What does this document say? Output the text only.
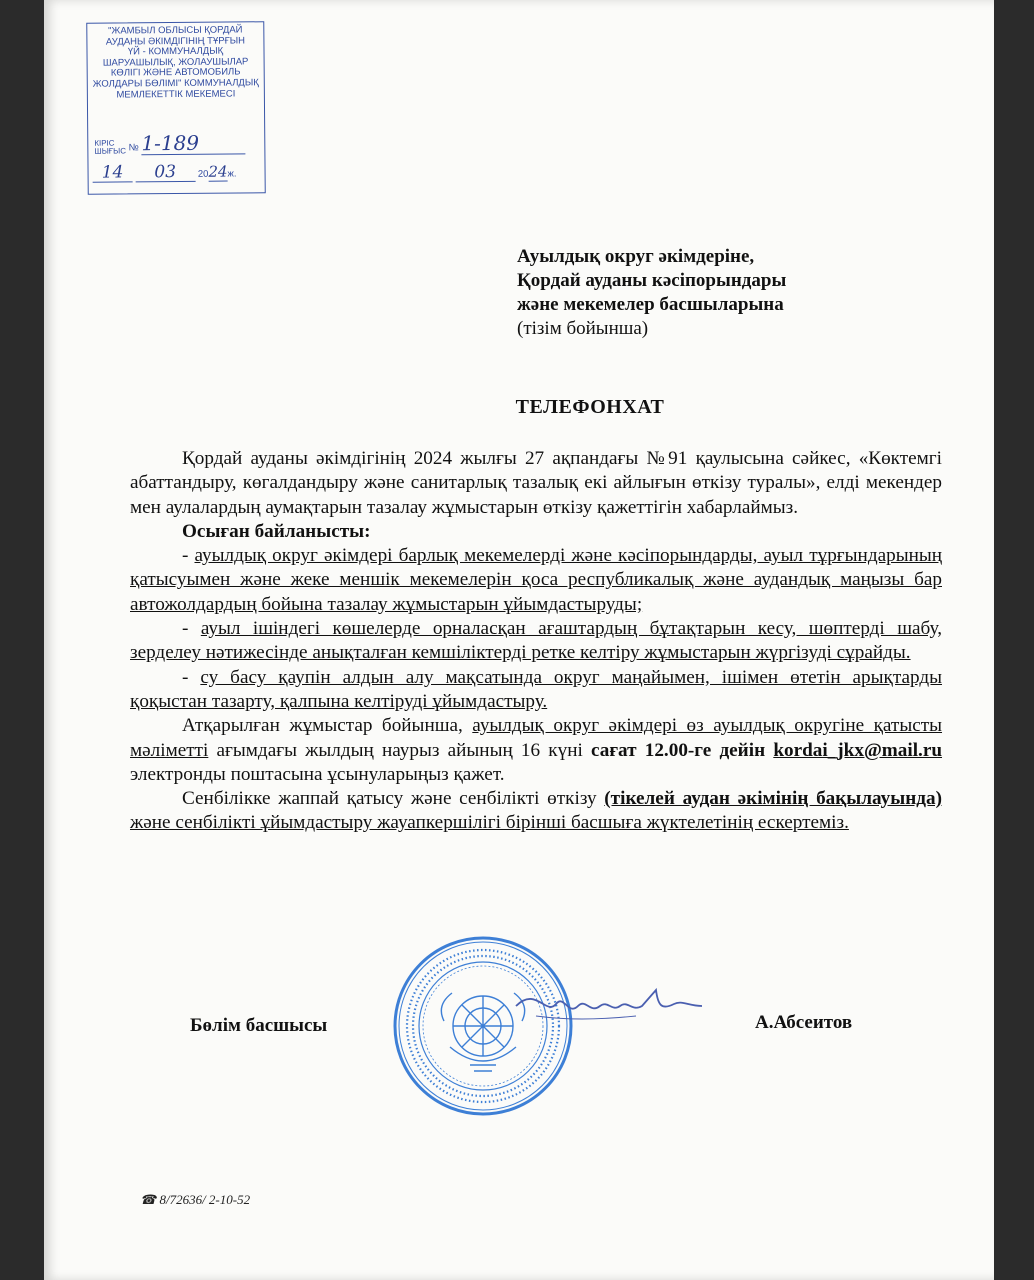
"ЖАМБЫЛ ОБЛЫСЫ ҚОРДАЙ
АУДАНЫ ӘКІМДІГІНІҢ ТҰРҒЫН
ҮЙ - КОММУНАЛДЫҚ
ШАРУАШЫЛЫҚ, ЖОЛАУШЫЛАР
КӨЛІГІ ЖӘНЕ АВТОМОБИЛЬ
ЖОЛДАРЫ БӨЛІМІ" КОММУНАЛДЫҚ
МЕМЛЕКЕТТІК МЕКЕМЕСІ
КІРІС
ШЫҒЫС № 1-189
14 03 2024ж.
Ауылдық округ әкімдеріне,
Қордай ауданы кәсіпорындары
және мекемелер басшыларына
(тізім бойынша)
ТЕЛЕФОНХАТ

Қордай ауданы әкімдігінің 2024 жылғы 27 ақпандағы №91 қаулысына сәйкес, «Көктемгі абаттандыру, көгалдандыру және санитарлық тазалық екі айлығын өткізу туралы», елді мекендер мен аулалардың аумақтарын тазалау жұмыстарын өткізу қажеттігін хабарлаймыз.

Осыған байланысты:

- ауылдық округ әкімдері барлық мекемелерді және кәсіпорындарды, ауыл тұрғындарының қатысуымен және жеке меншік мекемелерін қоса республикалық және аудандық маңызы бар автожолдардың бойына тазалау жұмыстарын ұйымдастыруды;

- ауыл ішіндегі көшелерде орналасқан ағаштардың бұтақтарын кесу, шөптерді шабу, зерделеу нәтижесінде анықталған кемшіліктерді ретке келтіру жұмыстарын жүргізуді сұрайды.

- су басу қаупін алдын алу мақсатында округ маңайымен, ішімен өтетін арықтарды қоқыстан тазарту, қалпына келтіруді ұйымдастыру.

Атқарылған жұмыстар бойынша, ауылдық округ әкімдері өз ауылдық округіне қатысты мәліметті ағымдағы жылдың наурыз айының 16 күні сағат 12.00-ге дейін kordai_jkx@mail.ru электронды поштасына ұсынуларыңыз қажет.

Сенбілікке жаппай қатысу және сенбілікті өткізу (тікелей аудан әкімінің бақылауында) және сенбілікті ұйымдастыру жауапкершілігі бірінші басшыға жүктелетінің ескертеміз.

Бөлім басшысы	А.Абсеитов
☎ 8/72636/ 2-10-52
